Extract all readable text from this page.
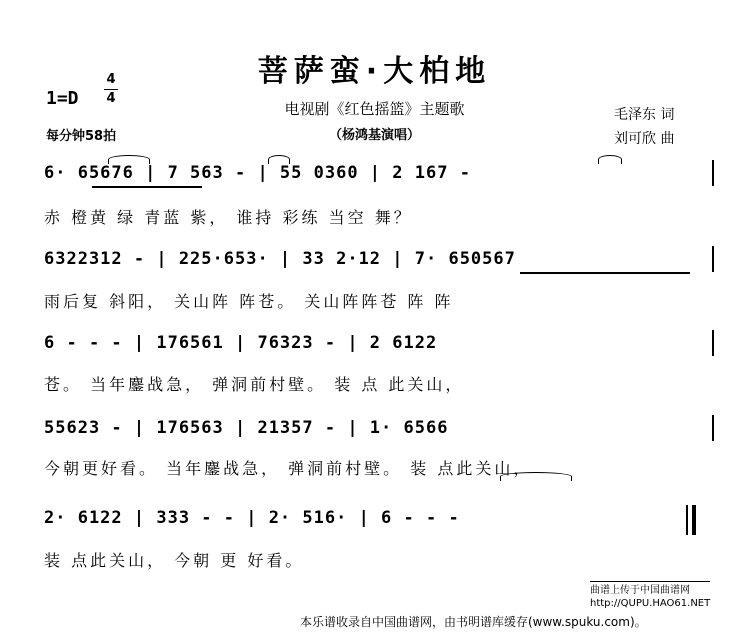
菩萨蛮·大柏地
1=D
4
4
每分钟58拍
电视剧《红色摇篮》主题歌
（杨鸿基演唱）
毛泽东 词
刘可欣 曲
6· 65676 | 7 563 - | 55 0360 | 2 167 -
赤 橙黄 绿 青蓝 紫， 谁持 彩练 当空 舞？
6322312 - | 225·653· | 33 2·12 | 7· 650567
雨后复 斜阳， 关山阵 阵苍。 关山阵阵苍 阵 阵
6 - - - | 176561 | 76323 - | 2 6122
苍。 当年鏖战急， 弹洞前村壁。 装 点 此关山，
55623 - | 176563 | 21357 - | 1· 6566
今朝更好看。 当年鏖战急， 弹洞前村壁。 装 点此关山，
2· 6122 | 333 - - | 2· 516· | 6 - - -
装 点此关山， 今朝 更 好看。
曲谱上传于中国曲谱网
http://QUPU.HAO61.NET
本乐谱收录自中国曲谱网，由书明谱库缓存(www.spuku.com)。
